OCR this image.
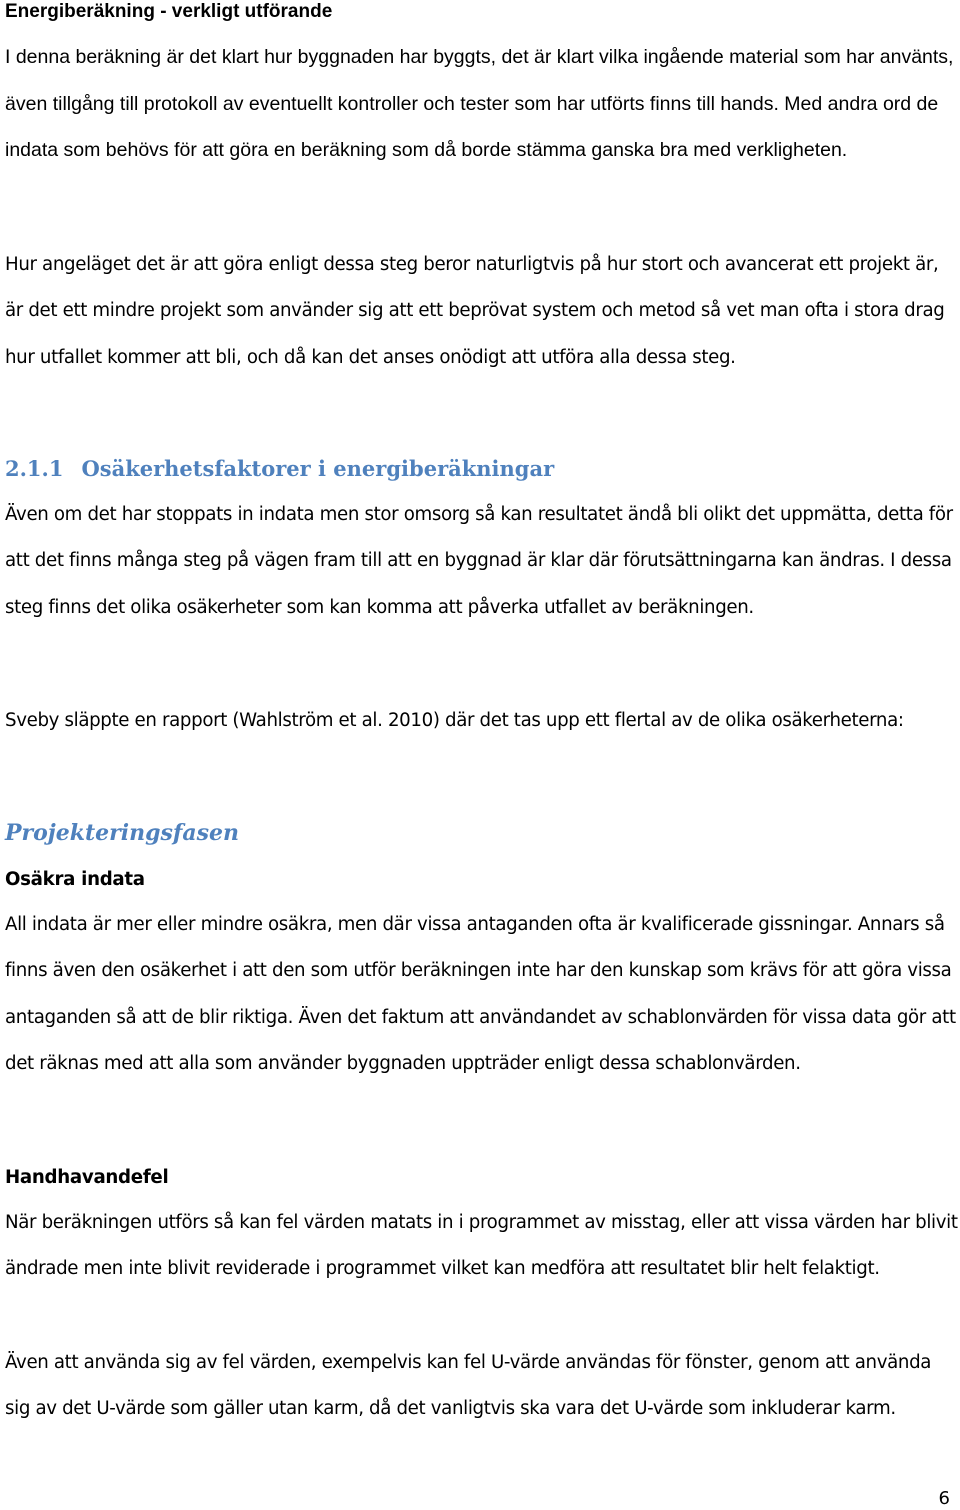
Energiberäkning - verkligt utförande

I denna beräkning är det klart hur byggnaden har byggts, det är klart vilka ingående material som har använts, även tillgång till protokoll av eventuellt kontroller och tester som har utförts finns till hands. Med andra ord de indata som behövs för att göra en beräkning som då borde stämma ganska bra med verkligheten.

Hur angeläget det är att göra enligt dessa steg beror naturligtvis på hur stort och avancerat ett projekt är, är det ett mindre projekt som använder sig att ett beprövat system och metod så vet man ofta i stora drag hur utfallet kommer att bli, och då kan det anses onödigt att utföra alla dessa steg.

2.1.1 Osäkerhetsfaktorer i energiberäkningar

Även om det har stoppats in indata men stor omsorg så kan resultatet ändå bli olikt det uppmätta, detta för att det finns många steg på vägen fram till att en byggnad är klar där förutsättningarna kan ändras. I dessa steg finns det olika osäkerheter som kan komma att påverka utfallet av beräkningen.

Sveby släppte en rapport (Wahlström et al. 2010) där det tas upp ett flertal av de olika osäkerheterna:

Projekteringsfasen
Osäkra indata

All indata är mer eller mindre osäkra, men där vissa antaganden ofta är kvalificerade gissningar. Annars så finns även den osäkerhet i att den som utför beräkningen inte har den kunskap som krävs för att göra vissa antaganden så att de blir riktiga. Även det faktum att användandet av schablonvärden för vissa data gör att det räknas med att alla som använder byggnaden uppträder enligt dessa schablonvärden.

Handhavandefel

När beräkningen utförs så kan fel värden matats in i programmet av misstag, eller att vissa värden har blivit ändrade men inte blivit reviderade i programmet vilket kan medföra att resultatet blir helt felaktigt.

Även att använda sig av fel värden, exempelvis kan fel U-värde användas för fönster, genom att använda sig av det U-värde som gäller utan karm, då det vanligtvis ska vara det U-värde som inkluderar karm.

6
